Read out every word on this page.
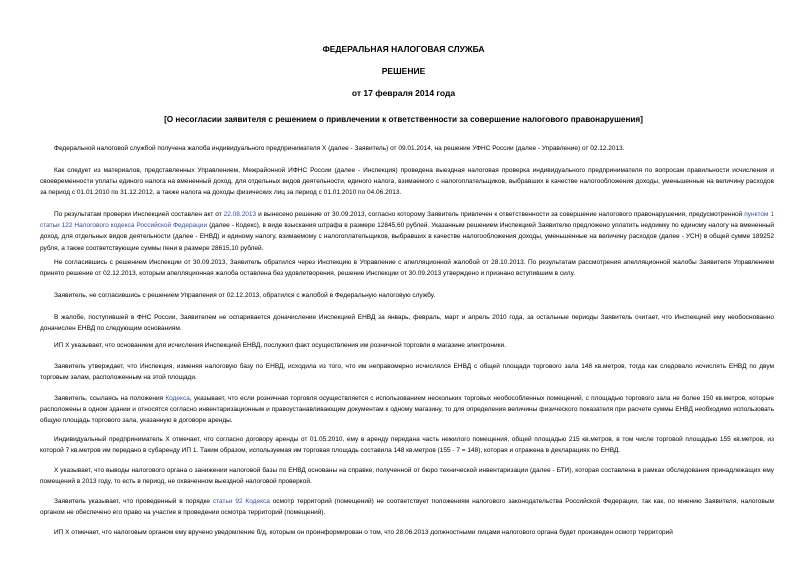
ФЕДЕРАЛЬНАЯ НАЛОГОВАЯ СЛУЖБА
РЕШЕНИЕ
от 17 февраля 2014 года
[О несогласии заявителя с решением о привлечении к ответственности за совершение налогового правонарушения]

Федеральной налоговой службой получена жалоба индивидуального предпринимателя Х (далее - Заявитель) от 09.01.2014, на решение УФНС России (далее - Управление) от 02.12.2013.

Как следует из материалов, представленных Управлением, Межрайонной ИФНС России (далее - Инспекция) проведена выездная налоговая проверка индивидуального предпринимателя по вопросам правильности исчисления и своевременности уплаты единого налога на вмененный доход, для отдельных видов деятельности, единого налога, взимаемого с налогоплательщиков, выбравших в качестве налогообложения доходы, уменьшенные на величину расходов за период с 01.01.2010 по 31.12.2012, а также налога на доходы физических лиц за период с 01.01.2010 по 04.06.2013.

По результатам проверки Инспекцией составлен акт от 22.08.2013 и вынесено решение от 30.09.2013, согласно которому Заявитель привлечен к ответственности за совершение налогового правонарушения, предусмотренной пунктом 1 статьи 122 Налогового кодекса Российской Федерации (далее - Кодекс), в виде взыскания штрафа в размере 12845,60 рублей. Указанным решением Инспекцией Заявителю предложено уплатить недоимку по единому налогу на вмененный доход, для отдельных видов деятельности (далее - ЕНВД) и единому налогу, взимаемому с налогоплательщиков, выбравших в качестве налогообложения доходы, уменьшенные на величину расходов (далее - УСН) в общей сумме 189252 рубля, а также соответствующие суммы пени в размере 28615,10 рублей.

Не согласившись с решением Инспекции от 30.09.2013, Заявитель обратился через Инспекцию в Управление с апелляционной жалобой от 28.10.2013. По результатам рассмотрения апелляционной жалобы Заявителя Управлением принято решение от 02.12.2013, которым апелляционная жалоба оставлена без удовлетворения, решение Инспекции от 30.09.2013 утверждено и признано вступившим в силу.

Заявитель, не согласившись с решением Управления от 02.12.2013, обратился с жалобой в Федеральную налоговую службу.

В жалобе, поступившей в ФНС России, Заявителем не оспаривается доначисление Инспекцией ЕНВД за январь, февраль, март и апрель 2010 года, за остальные периоды Заявитель считает, что Инспекцией ему необоснованно доначислен ЕНВД по следующим основаниям.

ИП Х указывает, что основанием для исчисления Инспекцией ЕНВД, послужил факт осуществления им розничной торговли в магазине электроники.

Заявитель утверждает, что Инспекция, изменяя налоговую базу по ЕНВД, исходила из того, что им неправомерно исчислялся ЕНВД с общей площади торгового зала 148 кв.метров, тогда как следовало исчислять ЕНВД по двум торговым залам, расположенным на этой площади.

Заявитель, ссылаясь на положения Кодекса, указывает, что если розничная торговля осуществляется с использованием нескольких торговых необособленных помещений, с площадью торгового зала не более 150 кв.метров, которые расположены в одном здании и относятся согласно инвентаризационным и правоустанавливающим документам к одному магазину, то для определения величины физического показателя при расчете суммы ЕНВД необходимо использовать общую площадь торгового зала, указанную в договоре аренды.

Индивидуальный предприниматель Х отмечает, что согласно договору аренды от 01.05.2010, ему в аренду передана часть нежилого помещения, общей площадью 215 кв.метров, в том числе торговой площадью 155 кв.метров, из которой 7 кв.метров им передано в субаренду ИП 1. Таким образом, используемая им торговая площадь составила 148 кв.метров (155 - 7 = 148), которая и отражена в декларациях по ЕНВД.

Х указывает, что выводы налогового органа о занижении налоговой базы по ЕНВД основаны на справке, полученной от бюро технической инвентаризации (далее - БТИ), которая составлена в рамках обследования принадлежащих ему помещений в 2013 году, то есть в период, не охваченном выездной налоговой проверкой.

Заявитель указывает, что проведенный в порядке статьи 92 Кодекса осмотр территорий (помещений) не соответствует положениям налогового законодательства Российской Федерации, так как, по мнению Заявителя, налоговым органом не обеспечено его право на участие в проведении осмотра территорий (помещений).

ИП Х отмечает, что налоговым органом ему вручено уведомление б/д, которым он проинформирован о том, что 28.06.2013 должностными лицами налогового органа будет произведен осмотр территорий
